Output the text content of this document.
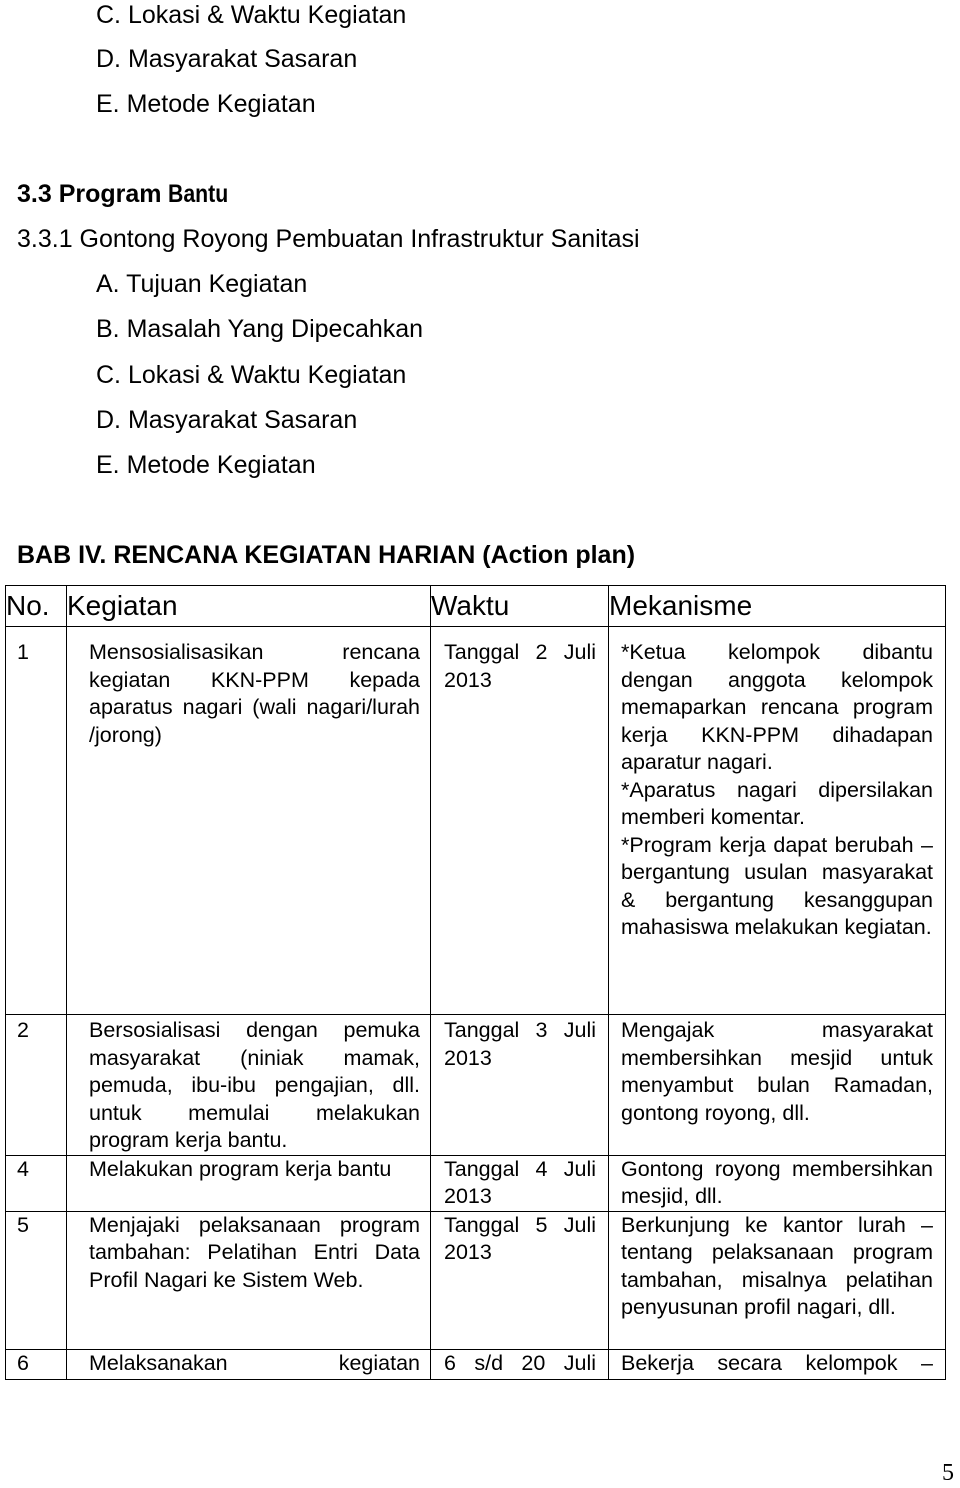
C. Lokasi & Waktu Kegiatan
D. Masyarakat Sasaran
E. Metode Kegiatan
3.3 Program Bantu
3.3.1 Gontong Royong Pembuatan Infrastruktur Sanitasi
A. Tujuan Kegiatan
B. Masalah Yang Dipecahkan
C. Lokasi & Waktu Kegiatan
D. Masyarakat Sasaran
E. Metode Kegiatan
BAB IV. RENCANA KEGIATAN HARIAN (Action plan)
No.	Kegiatan	Waktu	Mekanisme

1	Mensosialisasikan rencana kegiatan KKN-PPM kepada aparatus nagari (wali nagari/lurah /jorong)	Tanggal 2 Juli 2013	*Ketua kelompok dibantu dengan anggota kelompok memaparkan rencana program kerja KKN-PPM dihadapan aparatur nagari.

*Aparatus nagari dipersilakan memberi komentar.

*Program kerja dapat berubah – bergantung usulan masyarakat & bergantung kesanggupan mahasiswa melakukan kegiatan.

2	Bersosialisasi dengan pemuka masyarakat (niniak mamak, pemuda, ibu-ibu pengajian, dll. untuk memulai melakukan program kerja bantu.	Tanggal 3 Juli 2013	Mengajak masyarakat membersihkan mesjid untuk menyambut bulan Ramadan, gontong royong, dll.

4	Melakukan program kerja bantu	Tanggal 4 Juli 2013	Gontong royong membersihkan mesjid, dll.

5	Menjajaki pelaksanaan program tambahan: Pelatihan Entri Data Profil Nagari ke Sistem Web.	Tanggal 5 Juli 2013	Berkunjung ke kantor lurah – tentang pelaksanaan program tambahan, misalnya pelatihan penyusunan profil nagari, dll.

6	Melaksanakan kegiatan	6 s/d 20 Juli	Bekerja secara kelompok –

5
